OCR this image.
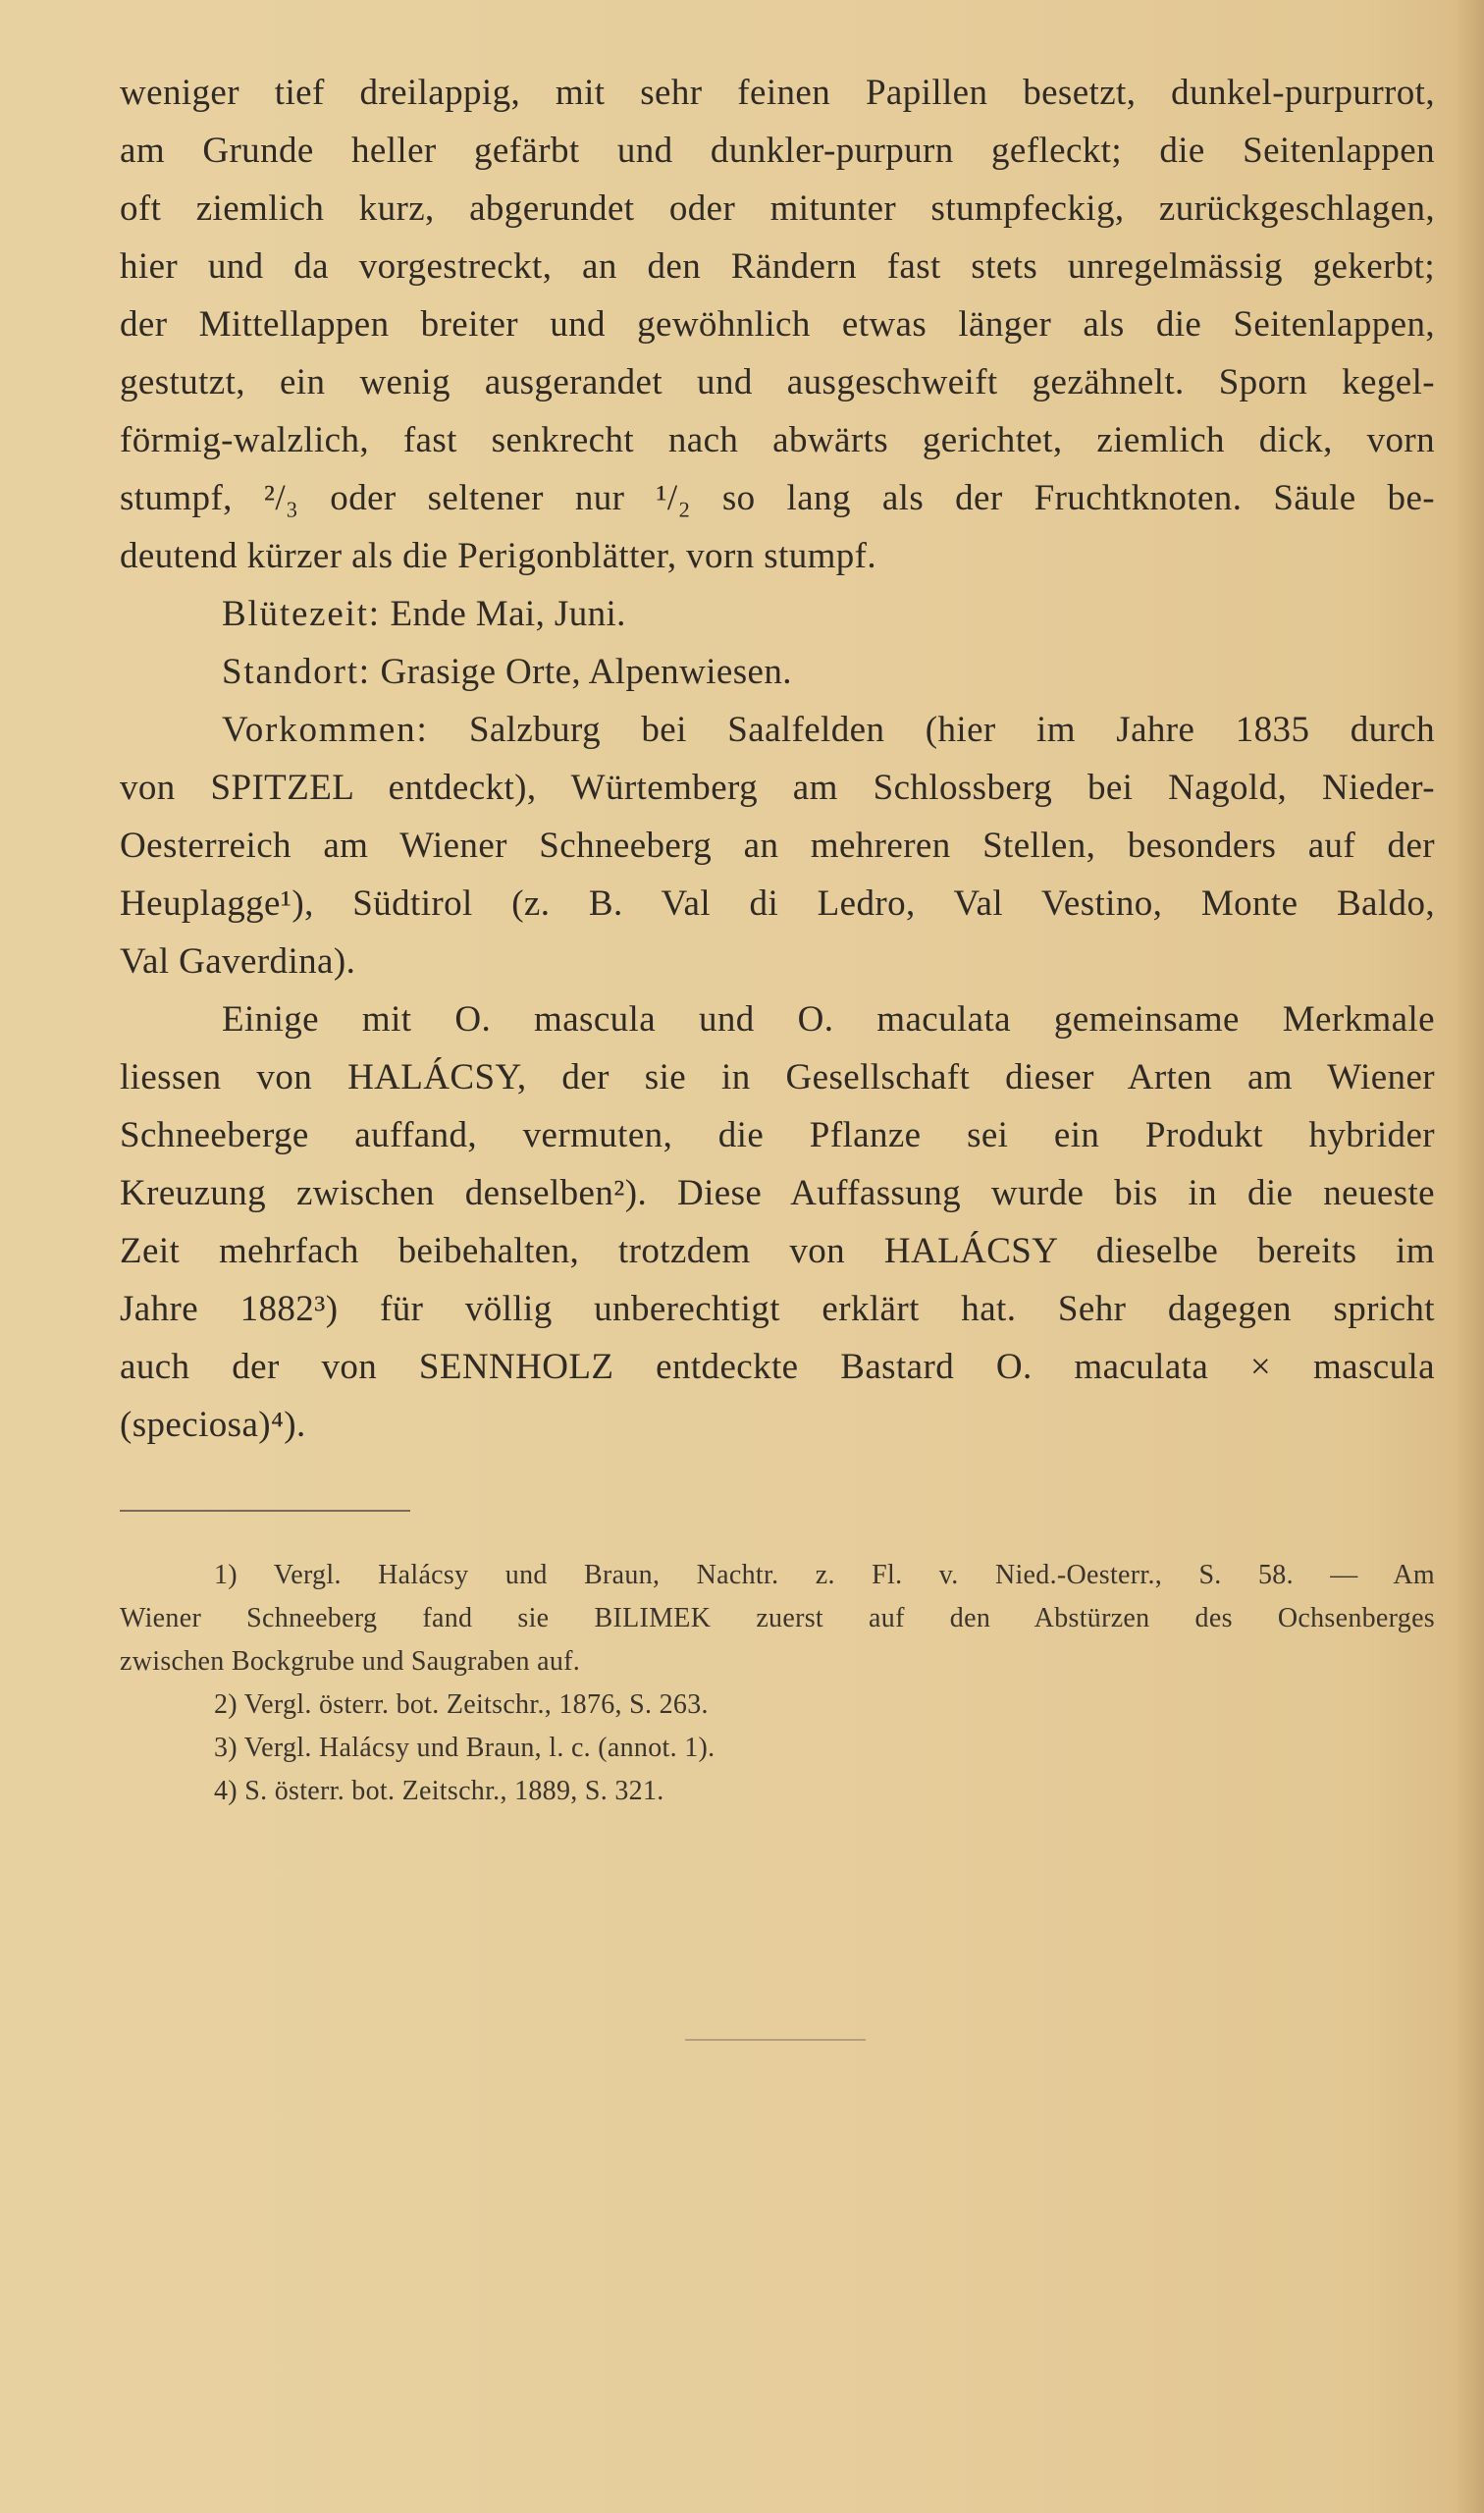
weniger tief dreilappig, mit sehr feinen Papillen besetzt, dunkel-purpurrot,
am Grunde heller gefärbt und dunkler-purpurn gefleckt; die Seitenlappen
oft ziemlich kurz, abgerundet oder mitunter stumpfeckig, zurückgeschlagen,
hier und da vorgestreckt, an den Rändern fast stets unregelmässig gekerbt;
der Mittellappen breiter und gewöhnlich etwas länger als die Seitenlappen,
gestutzt, ein wenig ausgerandet und ausgeschweift gezähnelt. Sporn kegel-
förmig-walzlich, fast senkrecht nach abwärts gerichtet, ziemlich dick, vorn
stumpf, ²/₃ oder seltener nur ¹/₂ so lang als der Fruchtknoten. Säule be-
deutend kürzer als die Perigonblätter, vorn stumpf.
Blütezeit: Ende Mai, Juni.
Standort: Grasige Orte, Alpenwiesen.
Vorkommen: Salzburg bei Saalfelden (hier im Jahre 1835 durch
von SPITZEL entdeckt), Würtemberg am Schlossberg bei Nagold, Nieder-
Oesterreich am Wiener Schneeberg an mehreren Stellen, besonders auf der
Heuplagge¹), Südtirol (z. B. Val di Ledro, Val Vestino, Monte Baldo,
Val Gaverdina).
Einige mit O. mascula und O. maculata gemeinsame Merkmale
liessen von HALÁCSY, der sie in Gesellschaft dieser Arten am Wiener
Schneeberge auffand, vermuten, die Pflanze sei ein Produkt hybrider
Kreuzung zwischen denselben²). Diese Auffassung wurde bis in die neueste
Zeit mehrfach beibehalten, trotzdem von HALÁCSY dieselbe bereits im
Jahre 1882³) für völlig unberechtigt erklärt hat. Sehr dagegen spricht
auch der von SENNHOLZ entdeckte Bastard O. maculata × mascula
(speciosa)⁴).
1) Vergl. Halácsy und Braun, Nachtr. z. Fl. v. Nied.-Oesterr., S. 58. — Am
Wiener Schneeberg fand sie BILIMEK zuerst auf den Abstürzen des Ochsenberges
zwischen Bockgrube und Saugraben auf.
2) Vergl. österr. bot. Zeitschr., 1876, S. 263.
3) Vergl. Halácsy und Braun, l. c. (annot. 1).
4) S. österr. bot. Zeitschr., 1889, S. 321.
